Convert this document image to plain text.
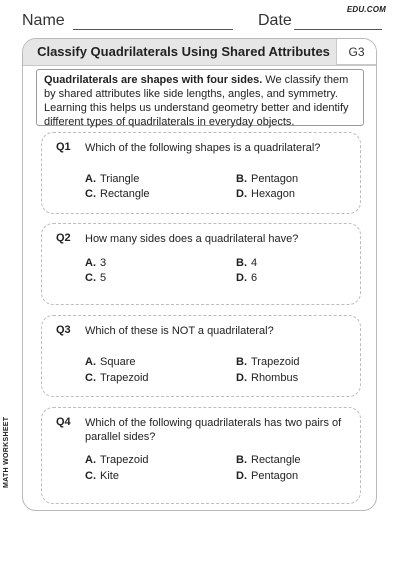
Name	Date
EDU.COM
Classify Quadrilaterals Using Shared Attributes	G3
Quadrilaterals are shapes with four sides. We classify them by shared attributes like side lengths, angles, and symmetry. Learning this helps us understand geometry better and identify different types of quadrilaterals in everyday objects.
Q1 Which of the following shapes is a quadrilateral?
A. Triangle	B. Pentagon
C. Rectangle	D. Hexagon
Q2 How many sides does a quadrilateral have?
A. 3	B. 4
C. 5	D. 6
Q3 Which of these is NOT a quadrilateral?
A. Square	B. Trapezoid
C. Trapezoid	D. Rhombus
Q4 Which of the following quadrilaterals has two pairs of parallel sides?
A. Trapezoid	B. Rectangle
C. Kite	D. Pentagon
MATH WORKSHEET
